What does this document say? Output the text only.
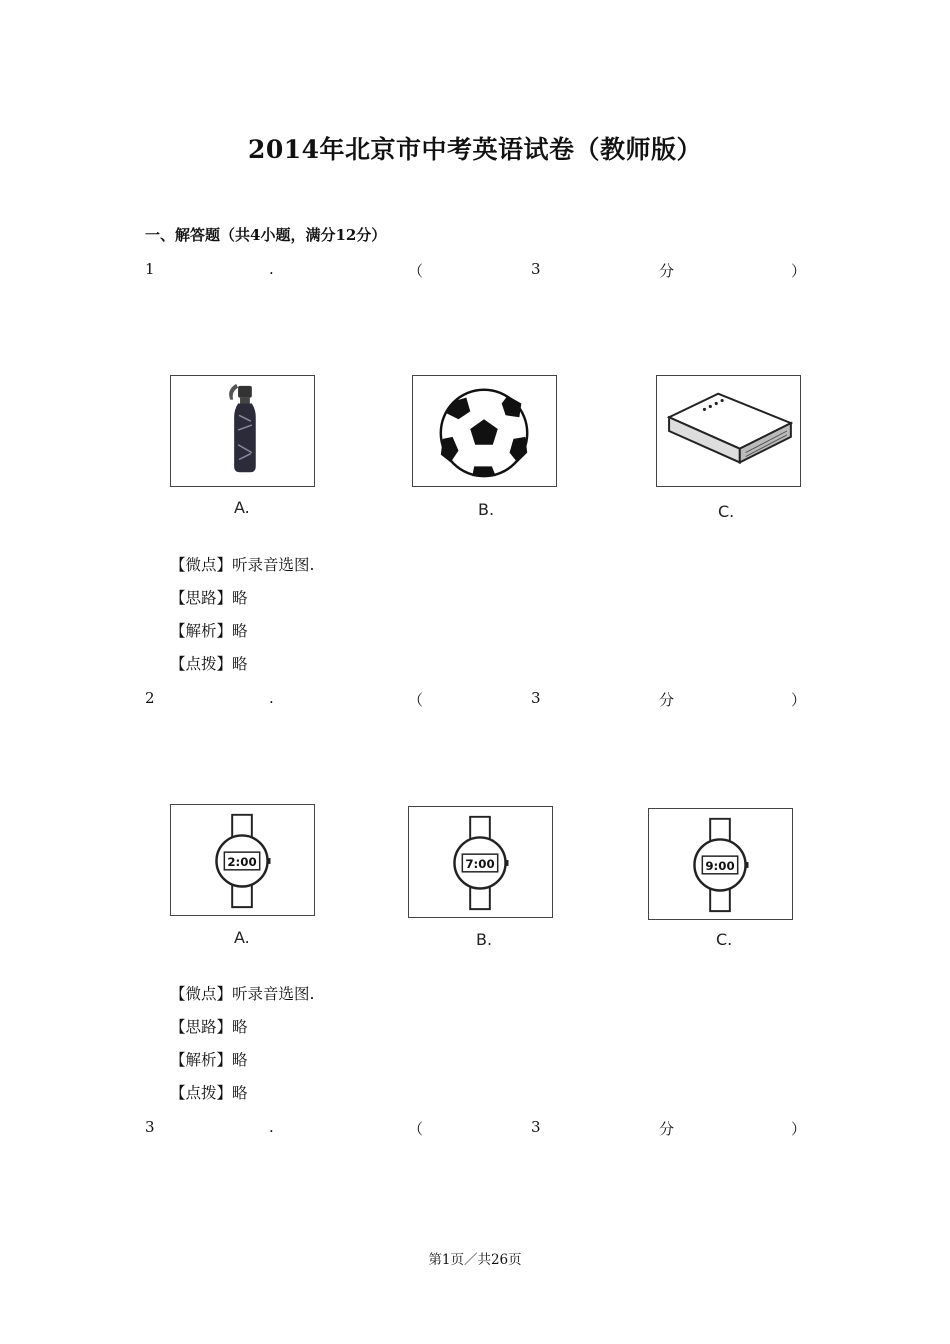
2014年北京市中考英语试卷（教师版）
一、解答题（共4小题，满分12分）
1	.	（	3	分	）
A.	B.	C.
【微点】听录音选图.
【思路】略
【解析】略
【点拨】略
2	.	（	3	分	）
2:00	7:00	9:00
A.	B.	C.
【微点】听录音选图.
【思路】略
【解析】略
【点拨】略
3	.	（	3	分	）
第1页／共26页
